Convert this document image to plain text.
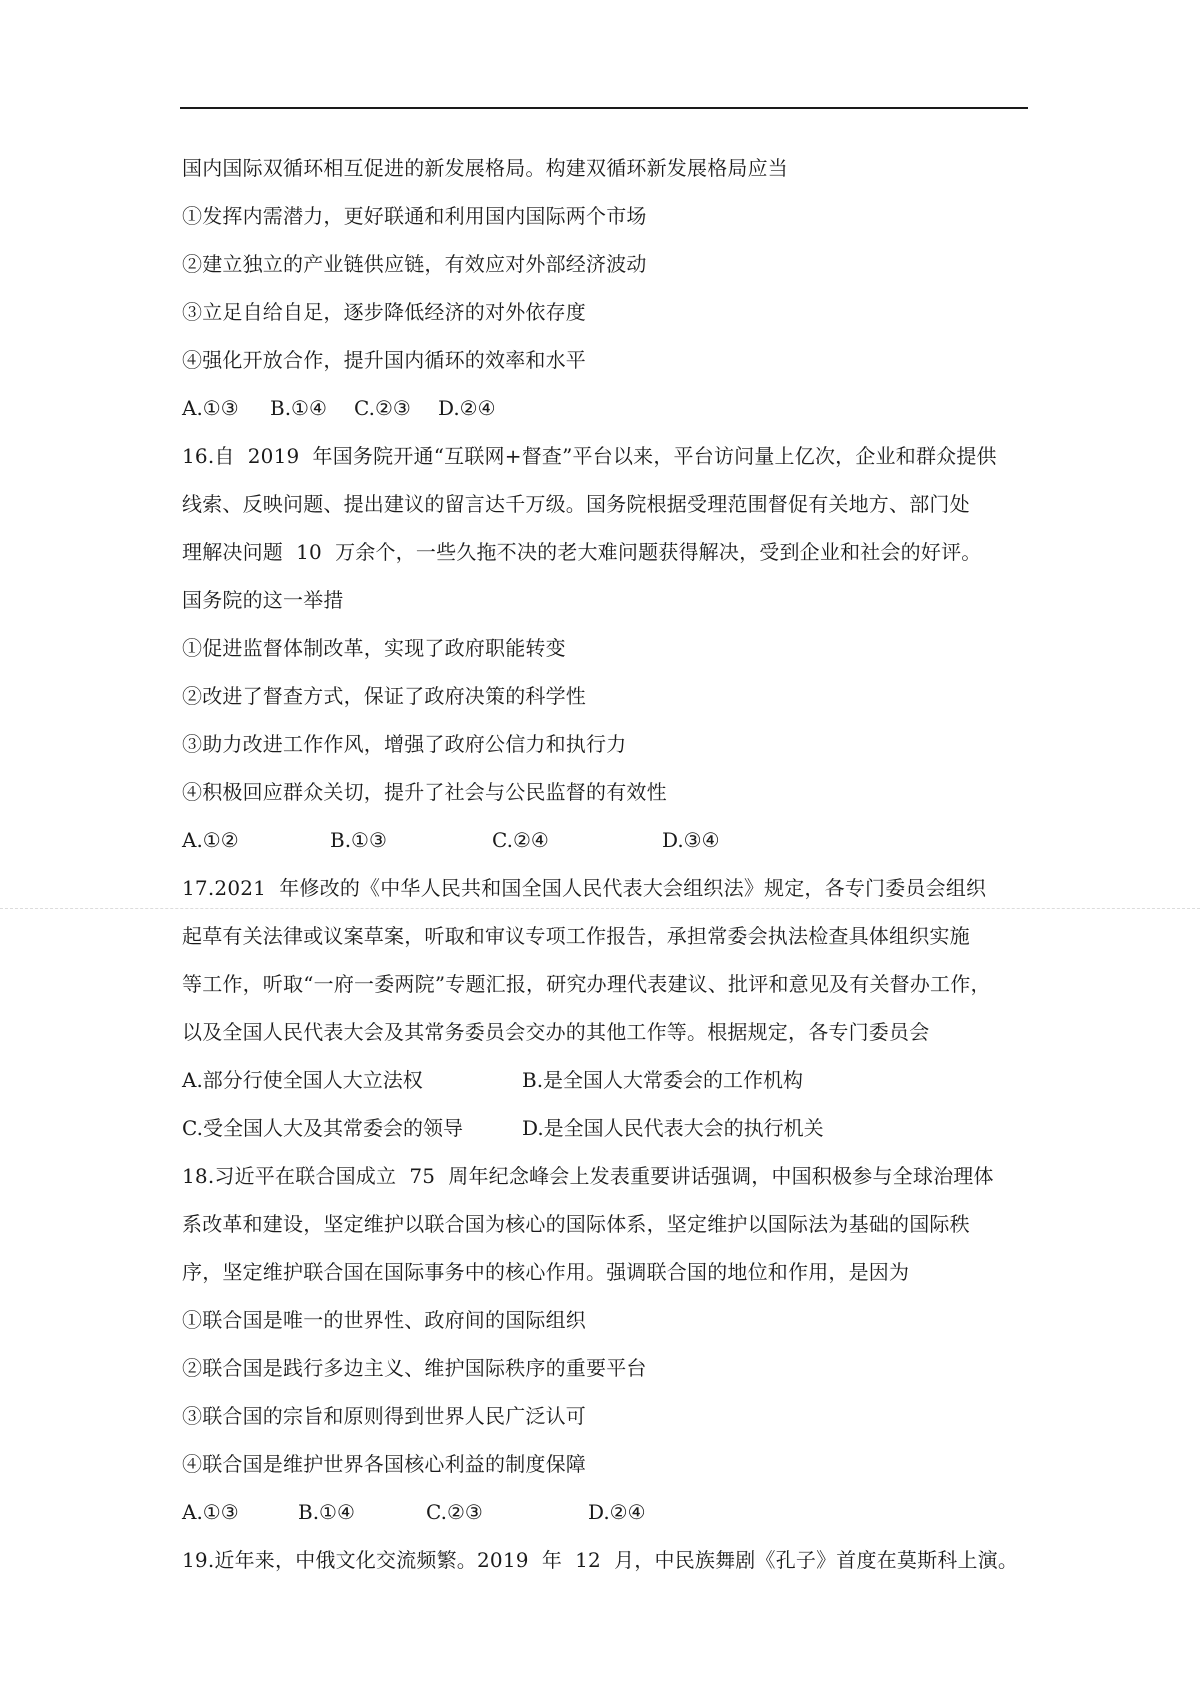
国内国际双循环相互促进的新发展格局。构建双循环新发展格局应当
①发挥内需潜力，更好联通和利用国内国际两个市场
②建立独立的产业链供应链，有效应对外部经济波动
③立足自给自足，逐步降低经济的对外依存度
④强化开放合作，提升国内循环的效率和水平

A.①③

B.①④

C.②③

D.②④

16.自  2019  年国务院开通“互联网+督查”平台以来，平台访问量上亿次，企业和群众提供
线索、反映问题、提出建议的留言达千万级。国务院根据受理范围督促有关地方、部门处
理解决问题  10  万余个，一些久拖不决的老大难问题获得解决，受到企业和社会的好评。
国务院的这一举措
①促进监督体制改革，实现了政府职能转变
②改进了督查方式，保证了政府决策的科学性
③助力改进工作作风，增强了政府公信力和执行力
④积极回应群众关切，提升了社会与公民监督的有效性

A.①②

	B.①③

	C.②④

	D.③④

17.2021  年修改的《中华人民共和国全国人民代表大会组织法》规定，各专门委员会组织
起草有关法律或议案草案，听取和审议专项工作报告，承担常委会执法检查具体组织实施
等工作，听取“一府一委两院”专题汇报，研究办理代表建议、批评和意见及有关督办工作，
以及全国人民代表大会及其常务委员会交办的其他工作等。根据规定，各专门委员会

A.部分行使全国人大立法权

	B.是全国人大常委会的工作机构

C.受全国人大及其常委会的领导

	D.是全国人民代表大会的执行机关

18.习近平在联合国成立  75  周年纪念峰会上发表重要讲话强调，中国积极参与全球治理体
系改革和建设，坚定维护以联合国为核心的国际体系，坚定维护以国际法为基础的国际秩
序，坚定维护联合国在国际事务中的核心作用。强调联合国的地位和作用，是因为
①联合国是唯一的世界性、政府间的国际组织
②联合国是践行多边主义、维护国际秩序的重要平台
③联合国的宗旨和原则得到世界人民广泛认可
④联合国是维护世界各国核心利益的制度保障

A.①③

	B.①④

	C.②③

	D.②④

19.近年来，中俄文化交流频繁。2019  年  12  月，中民族舞剧《孔子》首度在莫斯科上演。
